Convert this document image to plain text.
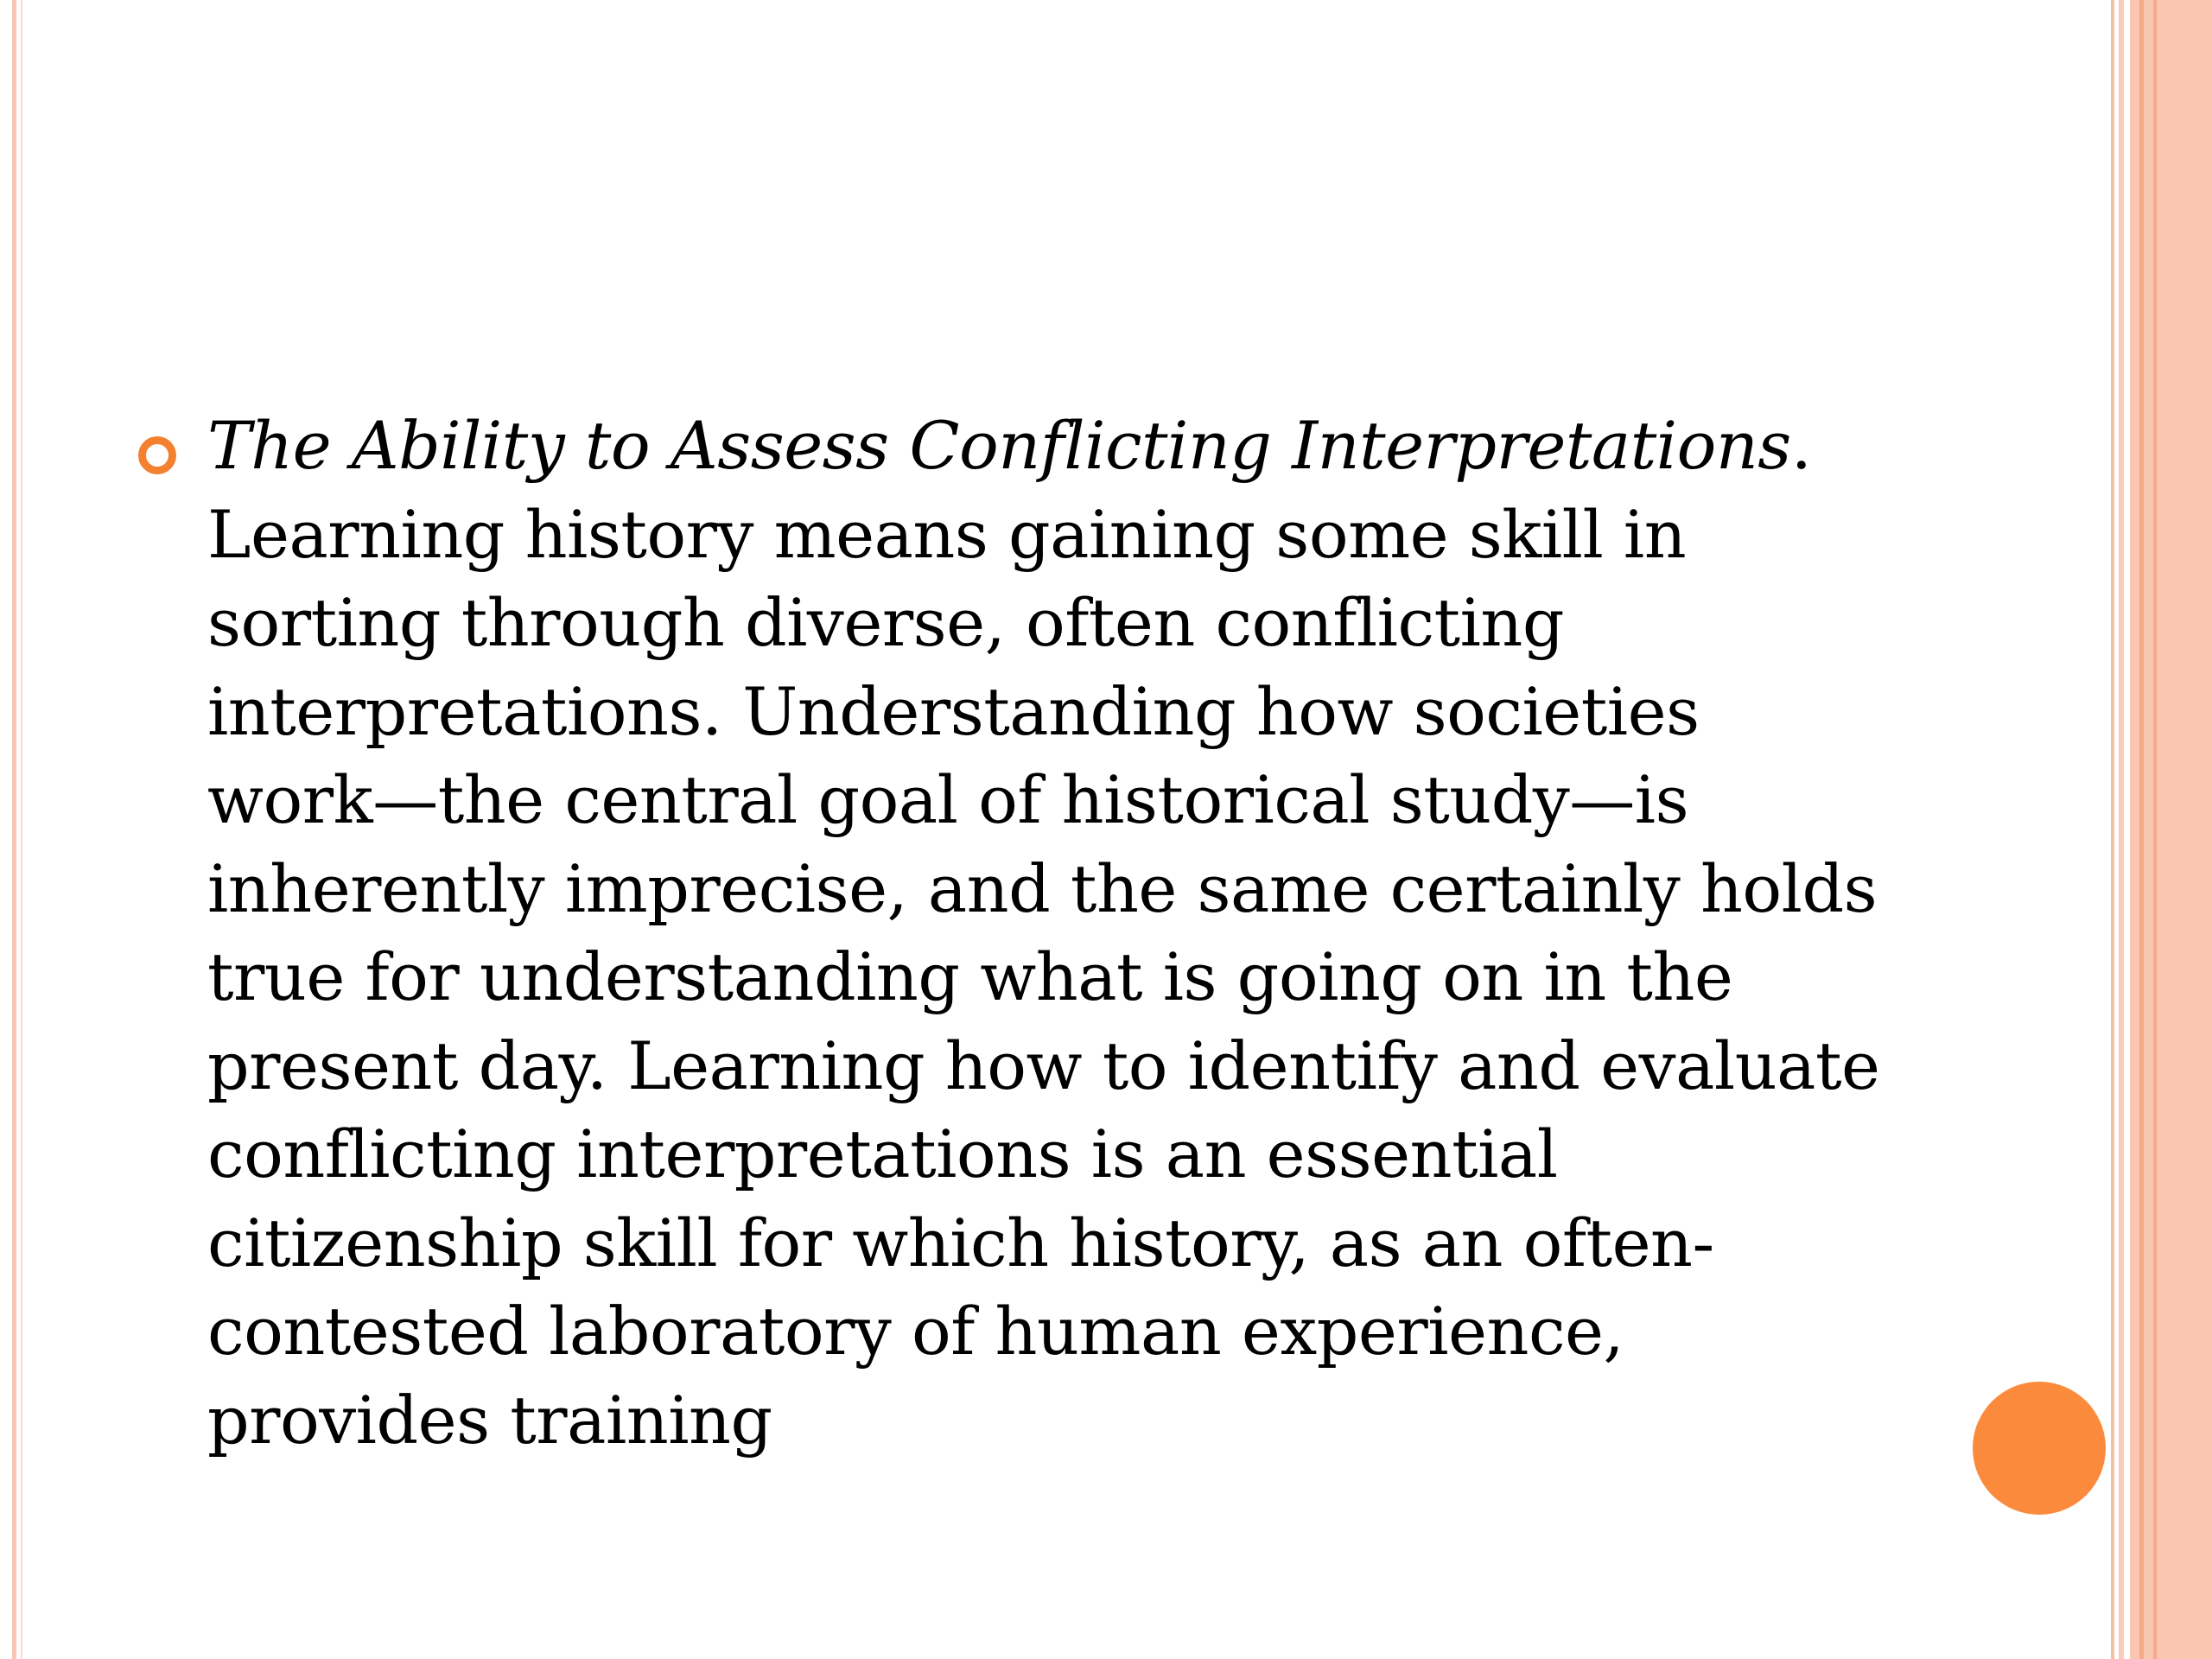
The Ability to Assess Conflicting Interpretations. Learning history means gaining some skill in sorting through diverse, often conflicting interpretations. Understanding how societies work—the central goal of historical study—is inherently imprecise, and the same certainly holds true for understanding what is going on in the present day. Learning how to identify and evaluate conflicting interpretations is an essential citizenship skill for which history, as an often-contested laboratory of human experience, provides training
